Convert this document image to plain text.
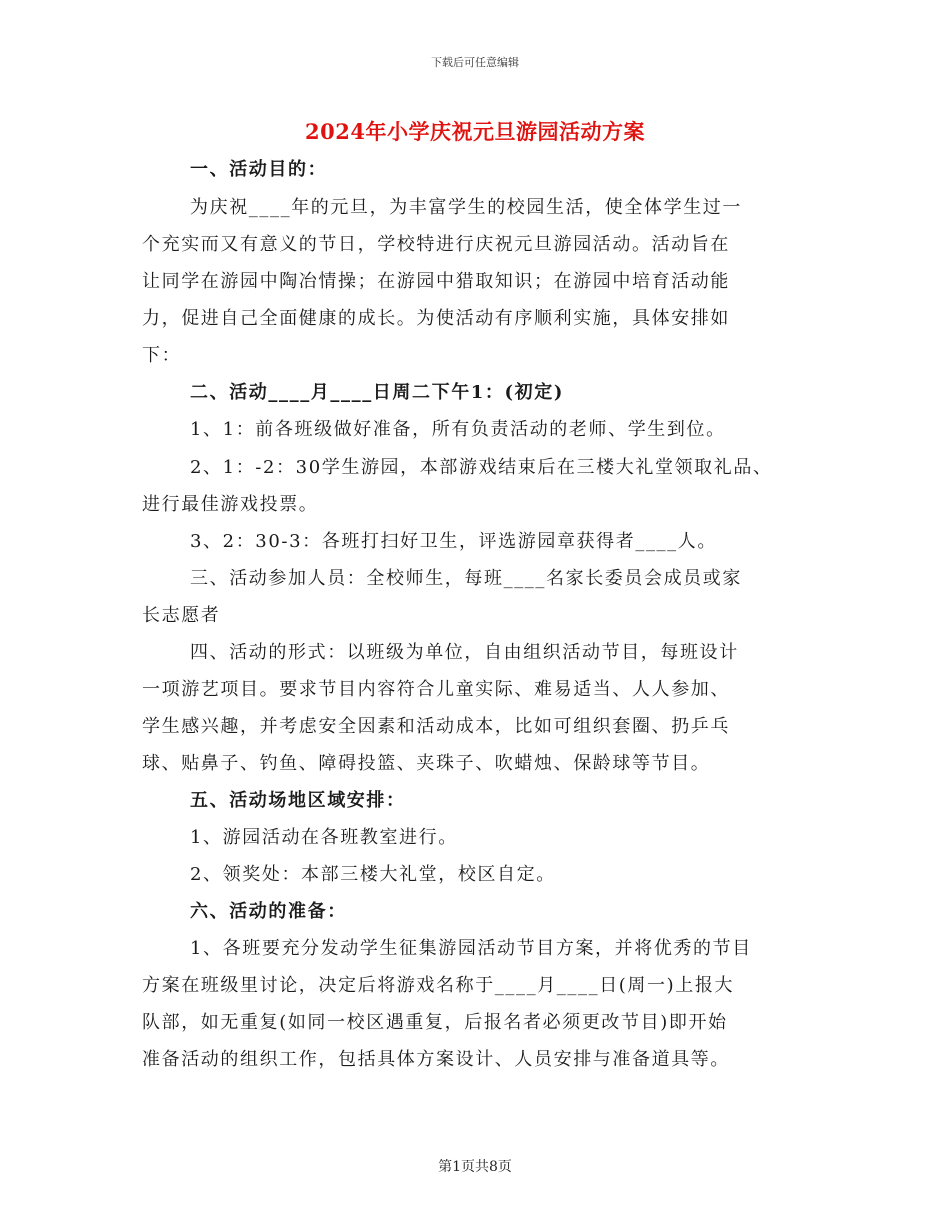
下载后可任意编辑
2024年小学庆祝元旦游园活动方案
一、活动目的：
为庆祝____年的元旦，为丰富学生的校园生活，使全体学生过一
个充实而又有意义的节日，学校特进行庆祝元旦游园活动。活动旨在
让同学在游园中陶冶情操；在游园中猎取知识；在游园中培育活动能
力，促进自己全面健康的成长。为使活动有序顺利实施，具体安排如
下：
二、活动____月____日周二下午1：(初定)
1、1：前各班级做好准备，所有负责活动的老师、学生到位。
2、1：-2：30学生游园，本部游戏结束后在三楼大礼堂领取礼品、
进行最佳游戏投票。
3、2：30-3：各班打扫好卫生，评选游园章获得者____人。
三、活动参加人员：全校师生，每班____名家长委员会成员或家
长志愿者
四、活动的形式：以班级为单位，自由组织活动节目，每班设计
一项游艺项目。要求节目内容符合儿童实际、难易适当、人人参加、
学生感兴趣，并考虑安全因素和活动成本，比如可组织套圈、扔乒乓
球、贴鼻子、钓鱼、障碍投篮、夹珠子、吹蜡烛、保龄球等节目。
五、活动场地区域安排：
1、游园活动在各班教室进行。
2、领奖处：本部三楼大礼堂，校区自定。
六、活动的准备：
1、各班要充分发动学生征集游园活动节目方案，并将优秀的节目
方案在班级里讨论，决定后将游戏名称于____月____日(周一)上报大
队部，如无重复(如同一校区遇重复，后报名者必须更改节目)即开始
准备活动的组织工作，包括具体方案设计、人员安排与准备道具等。
第1页共8页
